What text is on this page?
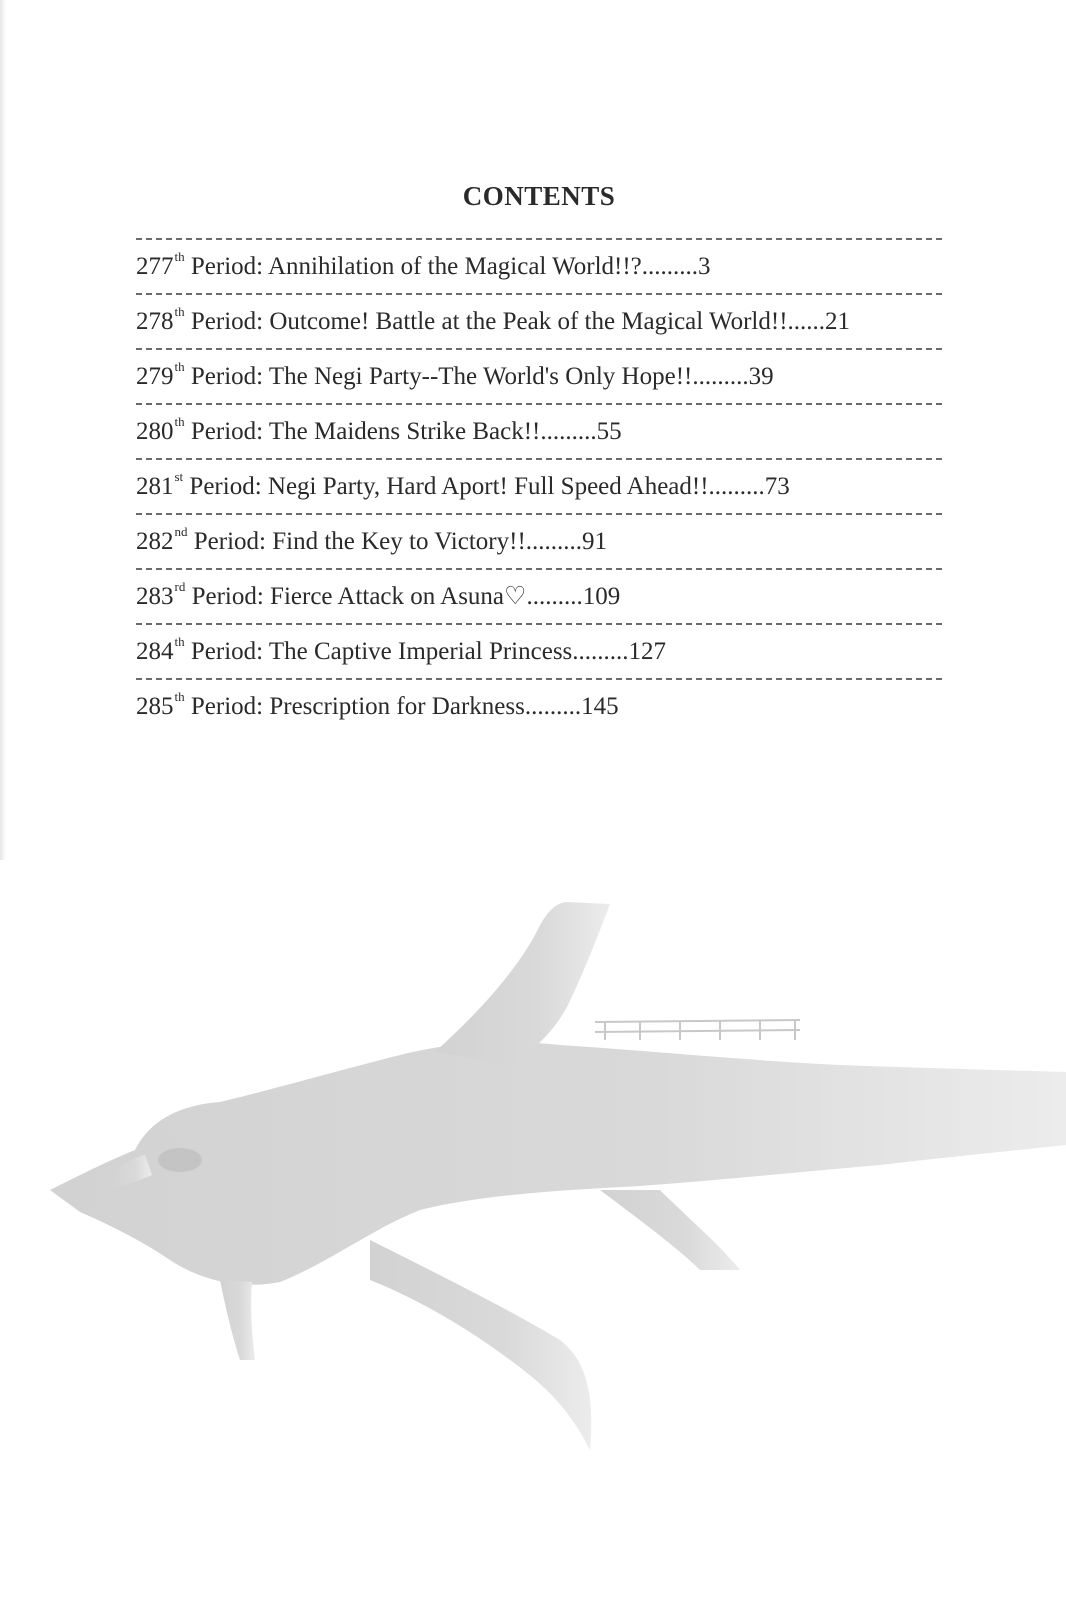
CONTENTS
277th Period: Annihilation of the Magical World!!?.........3
278th Period: Outcome! Battle at the Peak of the Magical World!!......21
279th Period: The Negi Party--The World's Only Hope!!.........39
280th Period: The Maidens Strike Back!!.........55
281st Period: Negi Party, Hard Aport! Full Speed Ahead!!.........73
282nd Period: Find the Key to Victory!!.........91
283rd Period: Fierce Attack on Asuna♡.........109
284th Period: The Captive Imperial Princess.........127
285th Period: Prescription for Darkness.........145
